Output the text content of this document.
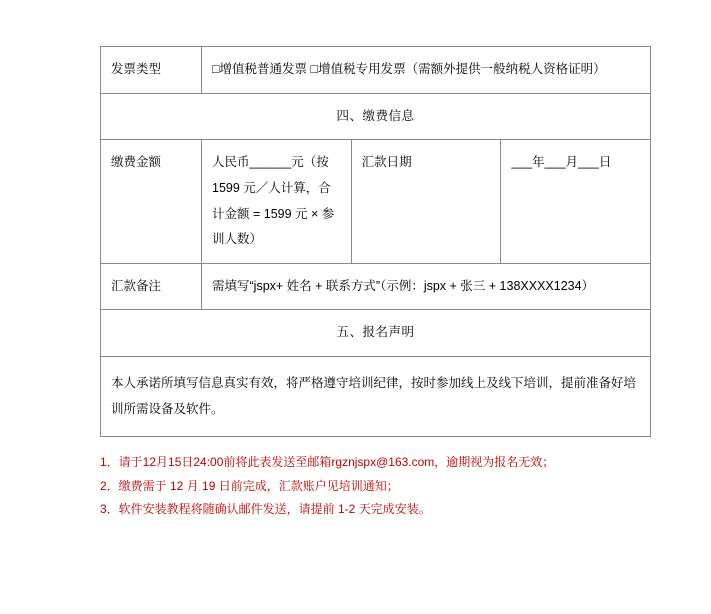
发票类型	□增值税普通发票 □增值税专用发票（需额外提供一般纳税人资格证明）		
四、缴费信息			
缴费金额	人民币______元（按 1599 元／人计算，合计金额 = 1599 元 × 参训人数）	汇款日期	___年___月___日
汇款备注	需填写“jspx+ 姓名 + 联系方式”（示例：jspx + 张三 + 138XXXX1234）		
五、报名声明			
本人承诺所填写信息真实有效，将严格遵守培训纪律，按时参加线上及线下培训，提前准备好培训所需设备及软件。			
1．请于12月15日24:00前将此表发送至邮箱rgznjspx@163.com，逾期视为报名无效；
2．缴费需于 12 月 19 日前完成，汇款账户见培训通知；
3．软件安装教程将随确认邮件发送，请提前 1-2 天完成安装。
